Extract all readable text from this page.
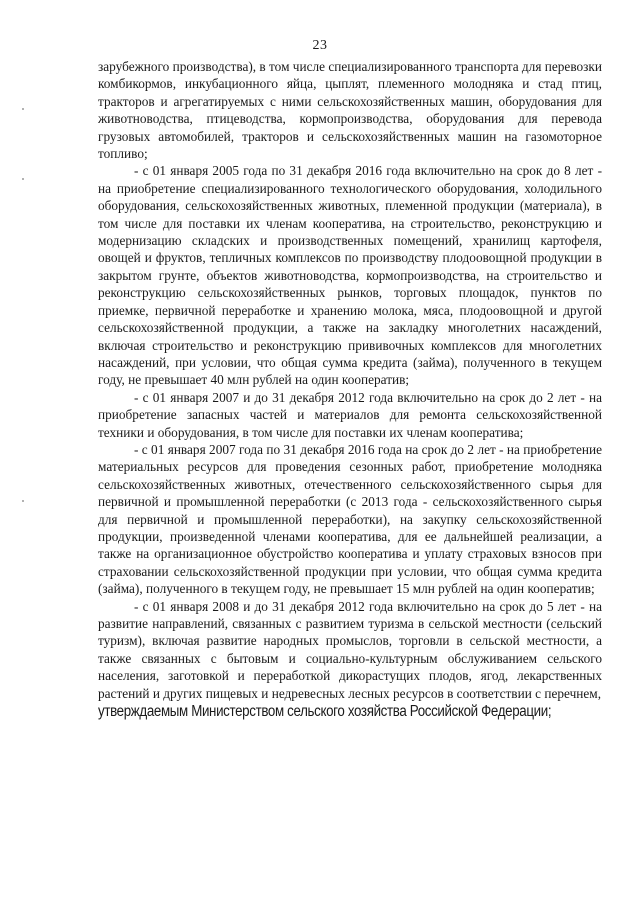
23

зарубежного производства), в том числе специализированного транспорта для перевозки комбикормов, инкубационного яйца, цыплят, племенного молодняка и стад птиц, тракторов и агрегатируемых с ними сельскохозяйственных машин, оборудования для животноводства, птицеводства, кормопроизводства, оборудования для перевода грузовых автомобилей, тракторов и сельскохозяйственных машин на газомоторное топливо;

- с 01 января 2005 года по 31 декабря 2016 года включительно на срок до 8 лет - на приобретение специализированного технологического оборудования, холодильного оборудования, сельскохозяйственных животных, племенной продукции (материала), в том числе для поставки их членам кооператива, на строительство, реконструкцию и модернизацию складских и производственных помещений, хранилищ картофеля, овощей и фруктов, тепличных комплексов по производству плодоовощной продукции в закрытом грунте, объектов животноводства, кормопроизводства, на строительство и реконструкцию сельскохозяйственных рынков, торговых площадок, пунктов по приемке, первичной переработке и хранению молока, мяса, плодоовощной и другой сельскохозяйственной продукции, а также на закладку многолетних насаждений, включая строительство и реконструкцию прививочных комплексов для многолетних насаждений, при условии, что общая сумма кредита (займа), полученного в текущем году, не превышает 40 млн рублей на один кооператив;

- с 01 января 2007 и до 31 декабря 2012 года включительно на срок до 2 лет - на приобретение запасных частей и материалов для ремонта сельскохозяйственной техники и оборудования, в том числе для поставки их членам кооператива;

- с 01 января 2007 года по 31 декабря 2016 года на срок до 2 лет - на приобретение материальных ресурсов для проведения сезонных работ, приобретение молодняка сельскохозяйственных животных, отечественного сельскохозяйственного сырья для первичной и промышленной переработки (с 2013 года - сельскохозяйственного сырья для первичной и промышленной переработки), на закупку сельскохозяйственной продукции, произведенной членами кооператива, для ее дальнейшей реализации, а также на организационное обустройство кооператива и уплату страховых взносов при страховании сельскохозяйственной продукции при условии, что общая сумма кредита (займа), полученного в текущем году, не превышает 15 млн рублей на один кооператив;

- с 01 января 2008 и до 31 декабря 2012 года включительно на срок до 5 лет - на развитие направлений, связанных с развитием туризма в сельской местности (сельский туризм), включая развитие народных промыслов, торговли в сельской местности, а также связанных с бытовым и социально-культурным обслуживанием сельского населения, заготовкой и переработкой дикорастущих плодов, ягод, лекарственных растений и других пищевых и недревесных лесных ресурсов в соответствии с перечнем,

утверждаемым Министерством сельского хозяйства Российской Федерации;
